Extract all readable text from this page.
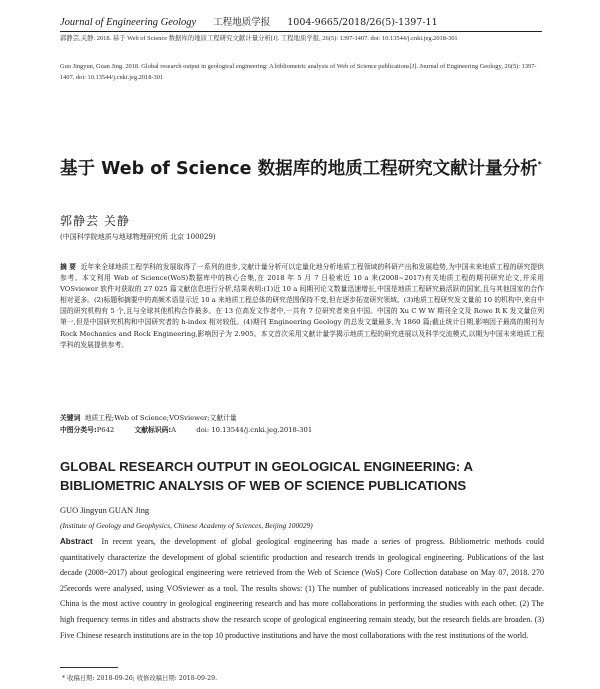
Journal of Engineering Geology 工程地质学报 1004-9665/2018/26(5)-1397-11
郭静芸,关静. 2018. 基于 Web of Science 数据库的地质工程研究文献计量分析[J]. 工程地质学报, 26(5): 1397-1407. doi: 10.13544/j.cnki.jeg.2018-301
Guo Jingyun, Guan Jing. 2018. Global research output in geological engineering: A bibliometric analysis of Web of Science publications[J]. Journal of Engineering Geology, 26(5): 1397-1407. doi: 10.13544/j.cnki.jeg.2018-301
基于 Web of Science 数据库的地质工程研究文献计量分析*
郭静芸 关静
(中国科学院地质与地球物理研究所 北京 100029)
摘 要 近年来全球地质工程学科的发展取得了一系列的进步,文献计量分析可以定量化地分析地质工程领域的科研产出和发展趋势,为中国未来地质工程的研究提供参考。本文利用 Web of Science(WoS)数据库中的核心合集,在 2018 年 5 月 7 日检索近 10 a 来(2008~2017)有关地质工程的期刊研究论文,并采用 VOSviewer 软件对获取的 27 025 篇文献信息进行分析,结果表明:(1)近 10 a 间期刊论文数量迅速增长,中国是地质工程研究最活跃的国家,且与其他国家的合作相对更多。(2)标题和摘要中的高频术语显示近 10 a 来地质工程总体的研究范围保持不变,但在逐步拓宽研究领域。(3)地质工程研究发文量前 10 的机构中,来自中国的研究机构有 5 个,且与全球其他机构合作最多。在 13 位高发文作者中,一共有 7 位研究者来自中国。中国的 Xu C W W 期刊全文及 Rowe R K 发文量位列第一,但是中国研究机构和中国研究者的 h-index 相对较低。(4)期刊 Engineering Geology 的总发文量最多,为 1860 篇;截止统计日期,影响因子最高的期刊为 Rock Mechanics and Rock Engineering,影响因子为 2.905。本文首次采用文献计量学揭示地质工程的研究进展以及科学交流模式,以期为中国未来地质工程学科的发展提供参考。
关键词 地质工程;Web of Science;VOSviewer;文献计量
中图分类号:P642	文献标识码:A	doi: 10.13544/j.cnki.jeg.2018-301
GLOBAL RESEARCH OUTPUT IN GEOLOGICAL ENGINEERING: A BIBLIOMETRIC ANALYSIS OF WEB OF SCIENCE PUBLICATIONS
GUO Jingyun GUAN Jing
(Institute of Geology and Geophysics, Chinese Academy of Sciences, Beijing 100029)
Abstract In recent years, the development of global geological engineering has made a series of progress. Bibliometric methods could quantitatively characterize the development of global scientific production and research trends in geological engineering. Publications of the last decade (2008~2017) about geological engineering were retrieved from the Web of Science (WoS) Core Collection database on May 07, 2018. 270 25records were analysed, using VOSviewer as a tool. The results shows: (1) The number of publications increased noticeably in the past decade. China is the most active country in geological engineering research and has more collaborations in performing the studies with each other. (2) The high frequency terms in titles and abstracts show the research scope of geological engineering remain steady, but the research fields are broaden. (3) Five Chinese research institutions are in the top 10 productive institutions and have the most collaborations with the rest institutions of the world.
* 收稿日期: 2018-09-26; 收修改稿日期: 2018-09-29.
